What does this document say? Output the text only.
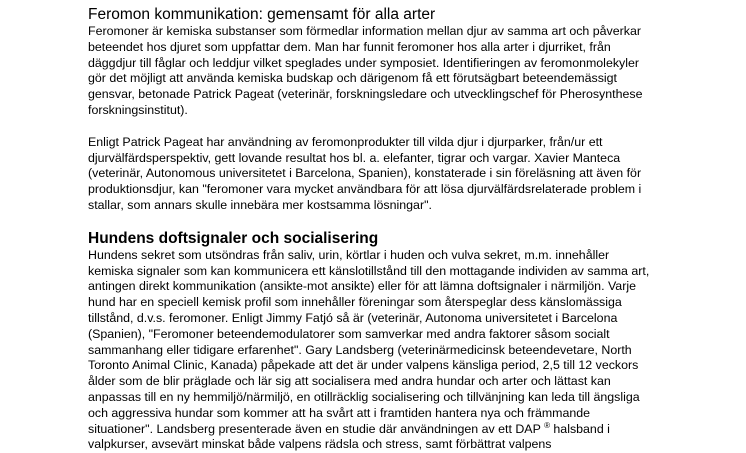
Feromon kommunikation: gemensamt för alla arter

Feromoner är kemiska substanser som förmedlar information mellan djur av samma art och påverkar
beteendet hos djuret som uppfattar dem. Man har funnit feromoner hos alla arter i djurriket, från
däggdjur till fåglar och leddjur vilket speglades under symposiet. Identifieringen av feromonmolekyler
gör det möjligt att använda kemiska budskap och därigenom få ett förutsägbart beteendemässigt
gensvar, betonade Patrick Pageat (veterinär, forskningsledare och utvecklingschef för Pherosynthese
forskningsinstitut).

Enligt Patrick Pageat har användning av feromonprodukter till vilda djur i djurparker, från/ur ett
djurvälfärdsperspektiv, gett lovande resultat hos bl. a. elefanter, tigrar och vargar. Xavier Manteca
(veterinär, Autonomous universitetet i Barcelona, Spanien), konstaterade i sin föreläsning att även för
produktionsdjur, kan "feromoner vara mycket användbara för att lösa djurvälfärdsrelaterade problem i
stallar, som annars skulle innebära mer kostsamma lösningar".

Hundens doftsignaler och socialisering

Hundens sekret som utsöndras från saliv, urin, körtlar i huden och vulva sekret, m.m. innehåller
kemiska signaler som kan kommunicera ett känslotillstånd till den mottagande individen av samma art,
antingen direkt kommunikation (ansikte-mot ansikte) eller för att lämna doftsignaler i närmiljön. Varje
hund har en speciell kemisk profil som innehåller föreningar som återspeglar dess känslomässiga
tillstånd, d.v.s. feromoner. Enligt Jimmy Fatjó så är (veterinär, Autonoma universitetet i Barcelona
(Spanien), "Feromoner beteendemodulatorer som samverkar med andra faktorer såsom socialt
sammanhang eller tidigare erfarenhet". Gary Landsberg (veterinärmedicinsk beteendevetare, North
Toronto Animal Clinic, Kanada) påpekade att det är under valpens känsliga period, 2,5 till 12 veckors
ålder som de blir präglade och lär sig att socialisera med andra hundar och arter och lättast kan
anpassas till en ny hemmiljö/närmiljö, en otillräcklig socialisering och tillvänjning kan leda till ängsliga
och aggressiva hundar som kommer att ha svårt att i framtiden hantera nya och främmande
situationer". Landsberg presenterade även en studie där användningen av ett DAP ® halsband i
valpkurser, avsevärt minskat både valpens rädsla och stress, samt förbättrat valpens
